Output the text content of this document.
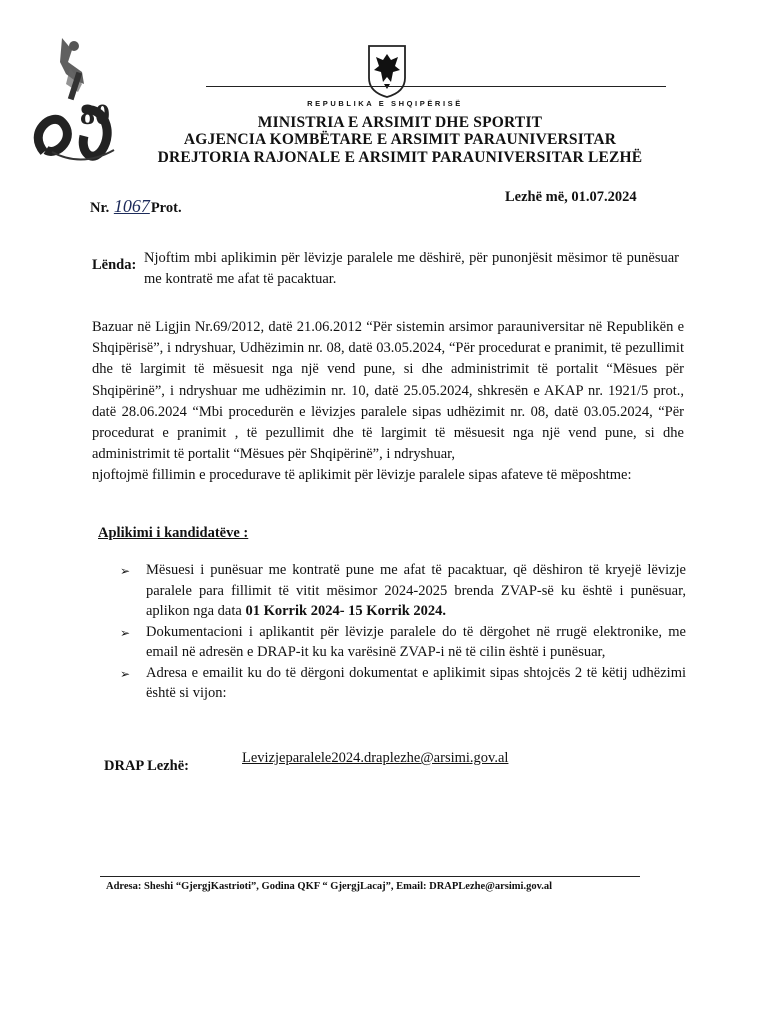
80	REPUBLIKA E SHQIPËRISË
MINISTRIA E ARSIMIT DHE SPORTIT
AGJENCIA KOMBËTARE E ARSIMIT PARAUNIVERSITAR
DREJTORIA RAJONALE E ARSIMIT PARAUNIVERSITAR LEZHË
Nr. 1067Prot.
Lezhë më, 01.07.2024
Lënda: Njoftim mbi aplikimin për lëvizje paralele me dëshirë, për punonjësit mësimor të punësuar me kontratë me afat të pacaktuar.
Bazuar në Ligjin Nr.69/2012, datë 21.06.2012 “Për sistemin arsimor parauniversitar në Republikën e Shqipërisë”, i ndryshuar, Udhëzimin nr. 08, datë 03.05.2024, “Për procedurat e pranimit, të pezullimit dhe të largimit të mësuesit nga një vend pune, si dhe administrimit të portalit “Mësues për Shqipërinë”, i ndryshuar me udhëzimin nr. 10, datë 25.05.2024, shkresën e AKAP nr. 1921/5 prot., datë 28.06.2024 “Mbi procedurën e lëvizjes paralele sipas udhëzimit nr. 08, datë 03.05.2024, “Për procedurat e pranimit , të pezullimit dhe të largimit të mësuesit nga një vend pune, si dhe administrimit të portalit “Mësues për Shqipërinë”, i ndryshuar,
njoftojmë fillimin e procedurave të aplikimit për lëvizje paralele sipas afateve të mëposhtme:
Aplikimi i kandidatëve :
➢ Mësuesi i punësuar me kontratë pune me afat të pacaktuar, që dëshiron të kryejë lëvizje paralele para fillimit të vitit mësimor 2024-2025 brenda ZVAP-së ku është i punësuar, aplikon nga data 01 Korrik 2024- 15 Korrik 2024.
➢ Dokumentacioni i aplikantit për lëvizje paralele do të dërgohet në rrugë elektronike, me email në adresën e DRAP-it ku ka varësinë ZVAP-i në të cilin është i punësuar,
➢ Adresa e emailit ku do të dërgoni dokumentat e aplikimit sipas shtojcës 2 të këtij udhëzimi është si vijon:
DRAP Lezhë:	Levizjeparalele2024.draplezhe@arsimi.gov.al
Adresa: Sheshi “GjergjKastrioti”, Godina QKF “ GjergjLacaj”, Email: DRAPLezhe@arsimi.gov.al
